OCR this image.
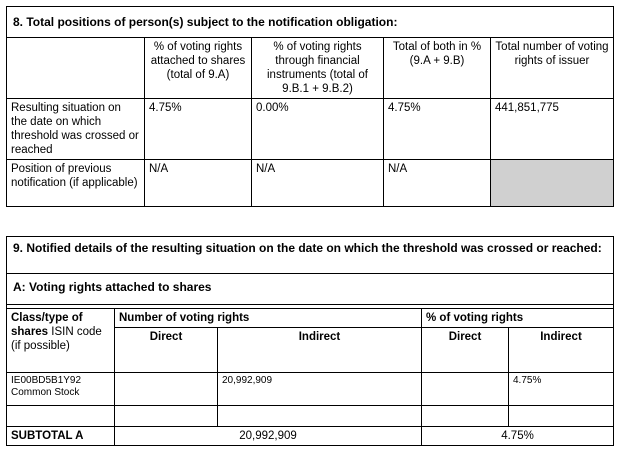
8. Total positions of person(s) subject to the notification obligation:				
	% of voting rights attached to shares (total of 9.A)	% of voting rights through financial instruments (total of 9.B.1 + 9.B.2)	Total of both in % (9.A + 9.B)	Total number of voting rights of issuer
Resulting situation on the date on which threshold was crossed or reached	4.75%	0.00%	4.75%	441,851,775
Position of previous notification (if applicable)	N/A	N/A	N/A	
9. Notified details of the resulting situation on the date on which the threshold was crossed or reached:				
A: Voting rights attached to shares				

Class/type of shares ISIN code (if possible)	Number of voting rights		% of voting rights	
	Direct	Indirect	Direct	Indirect
IE00BD5B1Y92 Common Stock		20,992,909		4.75%

SUBTOTAL A	20,992,909		4.75%	
